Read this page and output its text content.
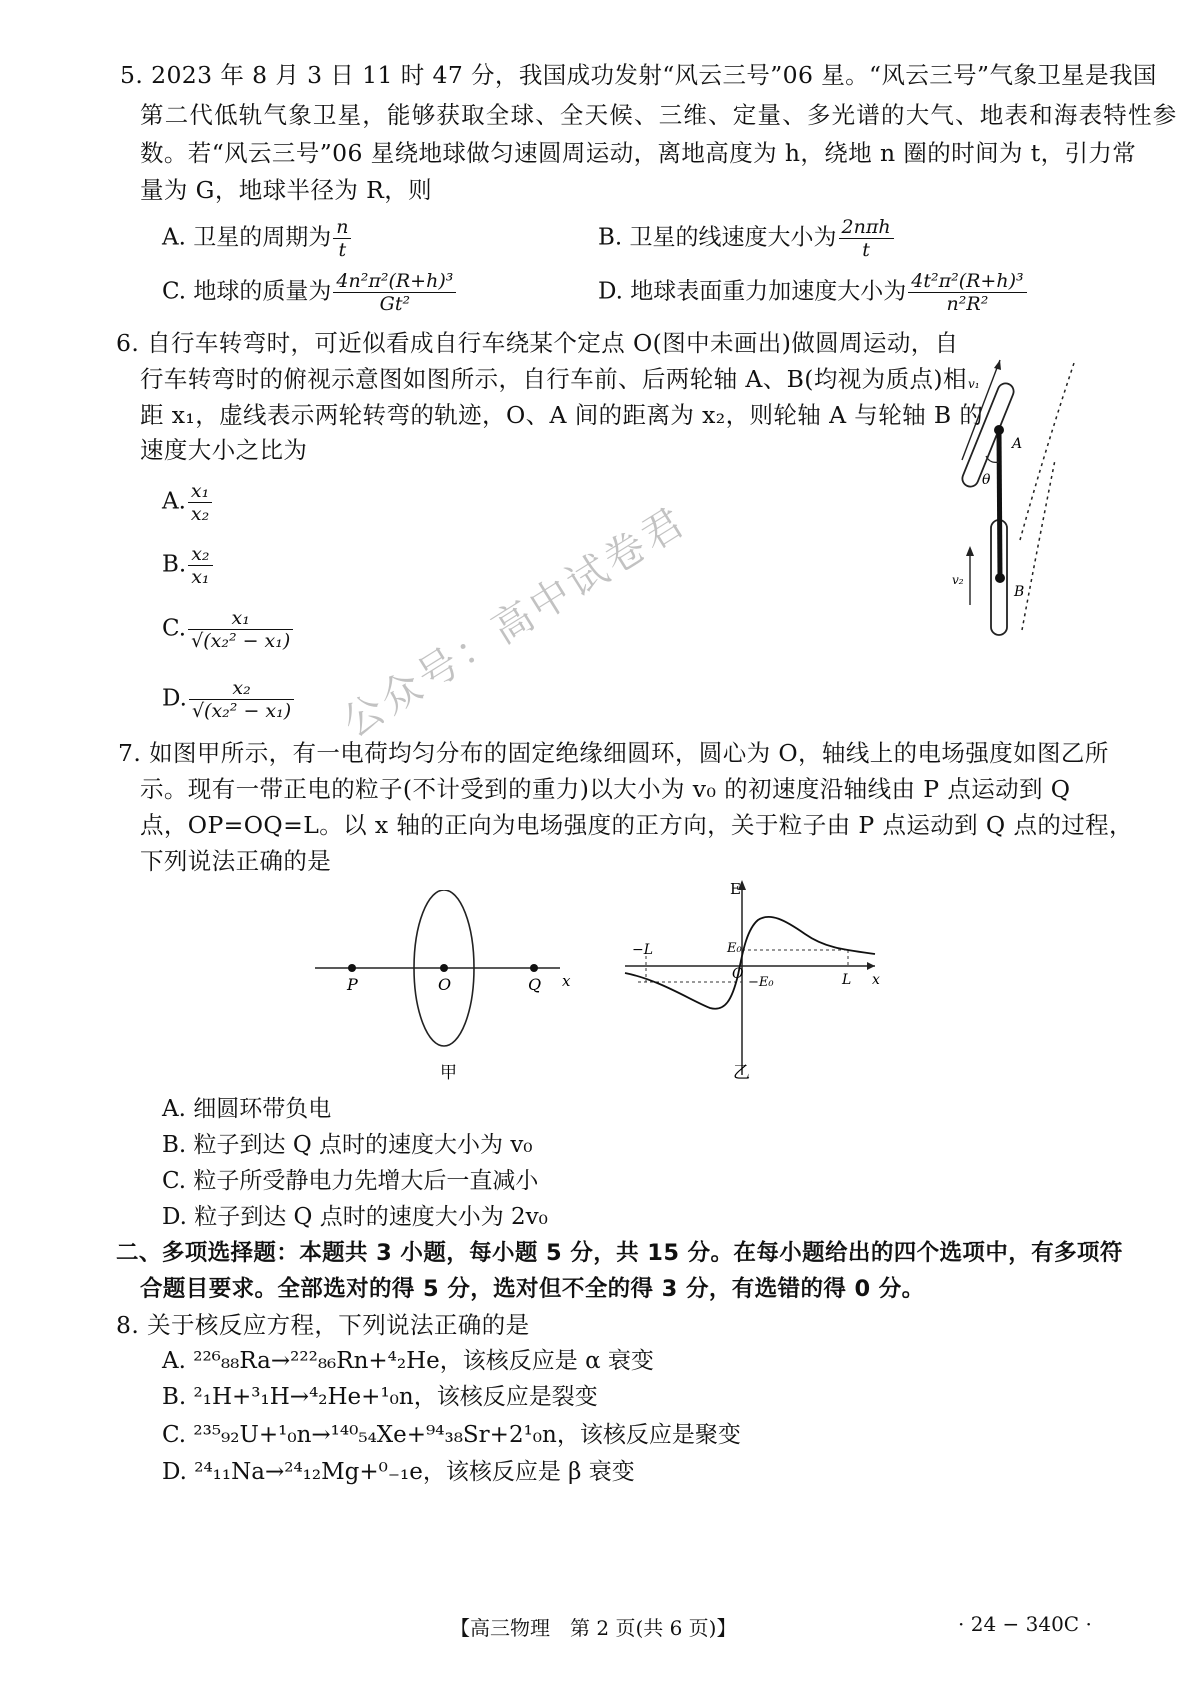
5. 2023 年 8 月 3 日 11 时 47 分，我国成功发射“风云三号”06 星。“风云三号”气象卫星是我国
第二代低轨气象卫星，能够获取全球、全天候、三维、定量、多光谱的大气、地表和海表特性参
数。若“风云三号”06 星绕地球做匀速圆周运动，离地高度为 h，绕地 n 圈的时间为 t，引力常
量为 G，地球半径为 R，则
A. 卫星的周期为 $\frac{n}{t}$	B. 卫星的线速度大小为 $\frac{\text{2nπh}}{t}$
C. 地球的质量为 $\frac{\text{4n²π²(R+h)³}}{\text{Gt²}}$	D. 地球表面重力加速度大小为 $\frac{\text{4t²π²(R+h)³}}{\text{n²R²}}$
6. 自行车转弯时，可近似看成自行车绕某个定点 O(图中未画出)做圆周运动，自
行车转弯时的俯视示意图如图所示，自行车前、后两轮轴 A、B(均视为质点)相
距 x₁，虚线表示两轮转弯的轨迹，O、A 间的距离为 x₂，则轮轴 A 与轮轴 B 的
速度大小之比为
A. $\frac{\text{x₁}}{\text{x₂}}$
B. $\frac{\text{x₂}}{\text{x₁}}$
C. $\frac{\text{x₁}}{\text{√(x₂² − x₁)}}$
D. $\frac{\text{x₂}}{\text{√(x₂² − x₁)}}$
θ
A
B
v₁
v₂
7. 如图甲所示，有一电荷均匀分布的固定绝缘细圆环，圆心为 O，轴线上的电场强度如图乙所
示。现有一带正电的粒子(不计受到的重力)以大小为 v₀ 的初速度沿轴线由 P 点运动到 Q
点，OP=OQ=L。以 x 轴的正向为电场强度的正方向，关于粒子由 P 点运动到 Q 点的过程，
下列说法正确的是
P	O	Q x
甲
E
E₀
O
−E₀
−L
L x
乙
A. 细圆环带负电
B. 粒子到达 Q 点时的速度大小为 v₀
C. 粒子所受静电力先增大后一直减小
D. 粒子到达 Q 点时的速度大小为 2v₀
二、多项选择题：本题共 3 小题，每小题 5 分，共 15 分。在每小题给出的四个选项中，有多项符
合题目要求。全部选对的得 5 分，选对但不全的得 3 分，有选错的得 0 分。
8. 关于核反应方程，下列说法正确的是
A. ²²⁶₈₈Ra→²²²₈₆Rn+⁴₂He，该核反应是 α 衰变
B. ²₁H+³₁H→⁴₂He+¹₀n，该核反应是裂变
C. ²³⁵₉₂U+¹₀n→¹⁴⁰₅₄Xe+⁹⁴₃₈Sr+2¹₀n，该核反应是聚变
D. ²⁴₁₁Na→²⁴₁₂Mg+⁰₋₁e，该核反应是 β 衰变
公众号：高中试卷君
【高三物理　第 2 页(共 6 页)】	· 24 − 340C ·
